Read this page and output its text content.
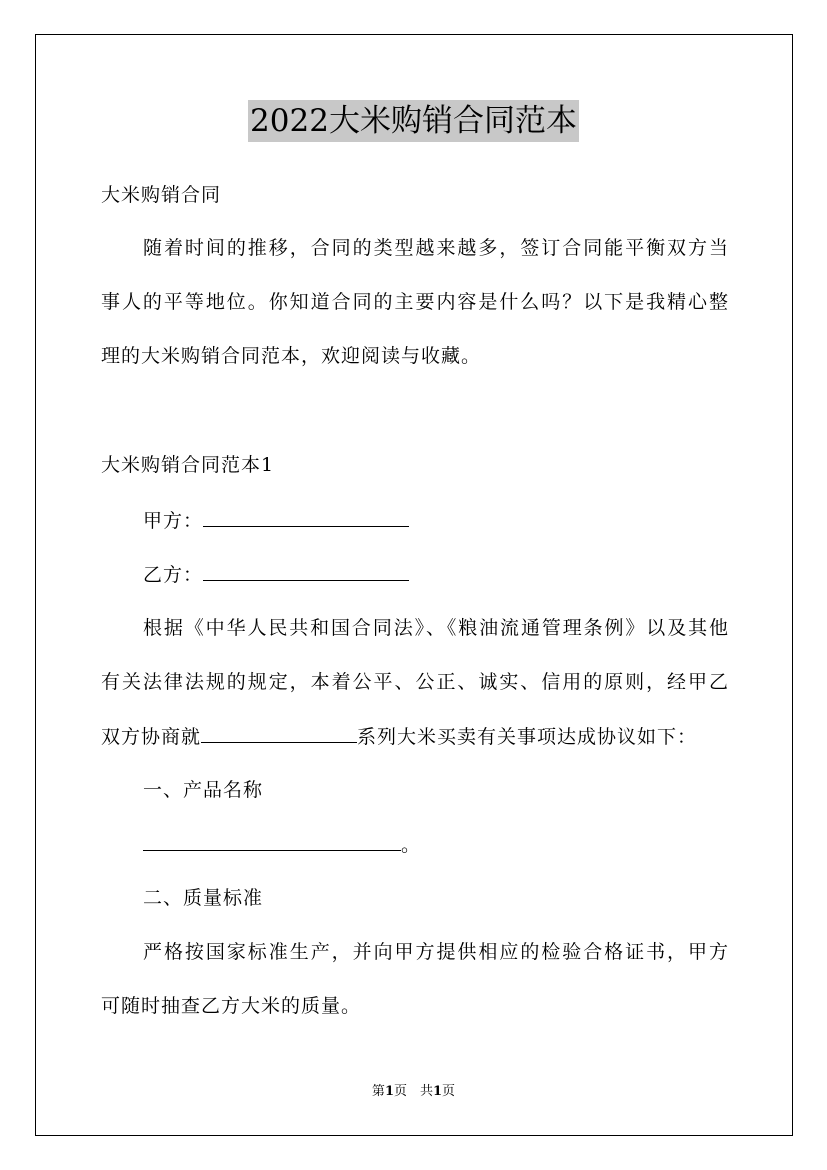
2022大米购销合同范本
大米购销合同
随着时间的推移，合同的类型越来越多，签订合同能平衡双方当
事人的平等地位。你知道合同的主要内容是什么吗？以下是我精心整
理的大米购销合同范本，欢迎阅读与收藏。
大米购销合同范本1
甲方：
乙方：
根据《中华人民共和国合同法》、《粮油流通管理条例》以及其他
有关法律法规的规定，本着公平、公正、诚实、信用的原则，经甲乙
双方协商就	系列大米买卖有关事项达成协议如下：
一、产品名称
。
二、质量标准
严格按国家标准生产，并向甲方提供相应的检验合格证书，甲方
可随时抽查乙方大米的质量。
第1页　共1页
